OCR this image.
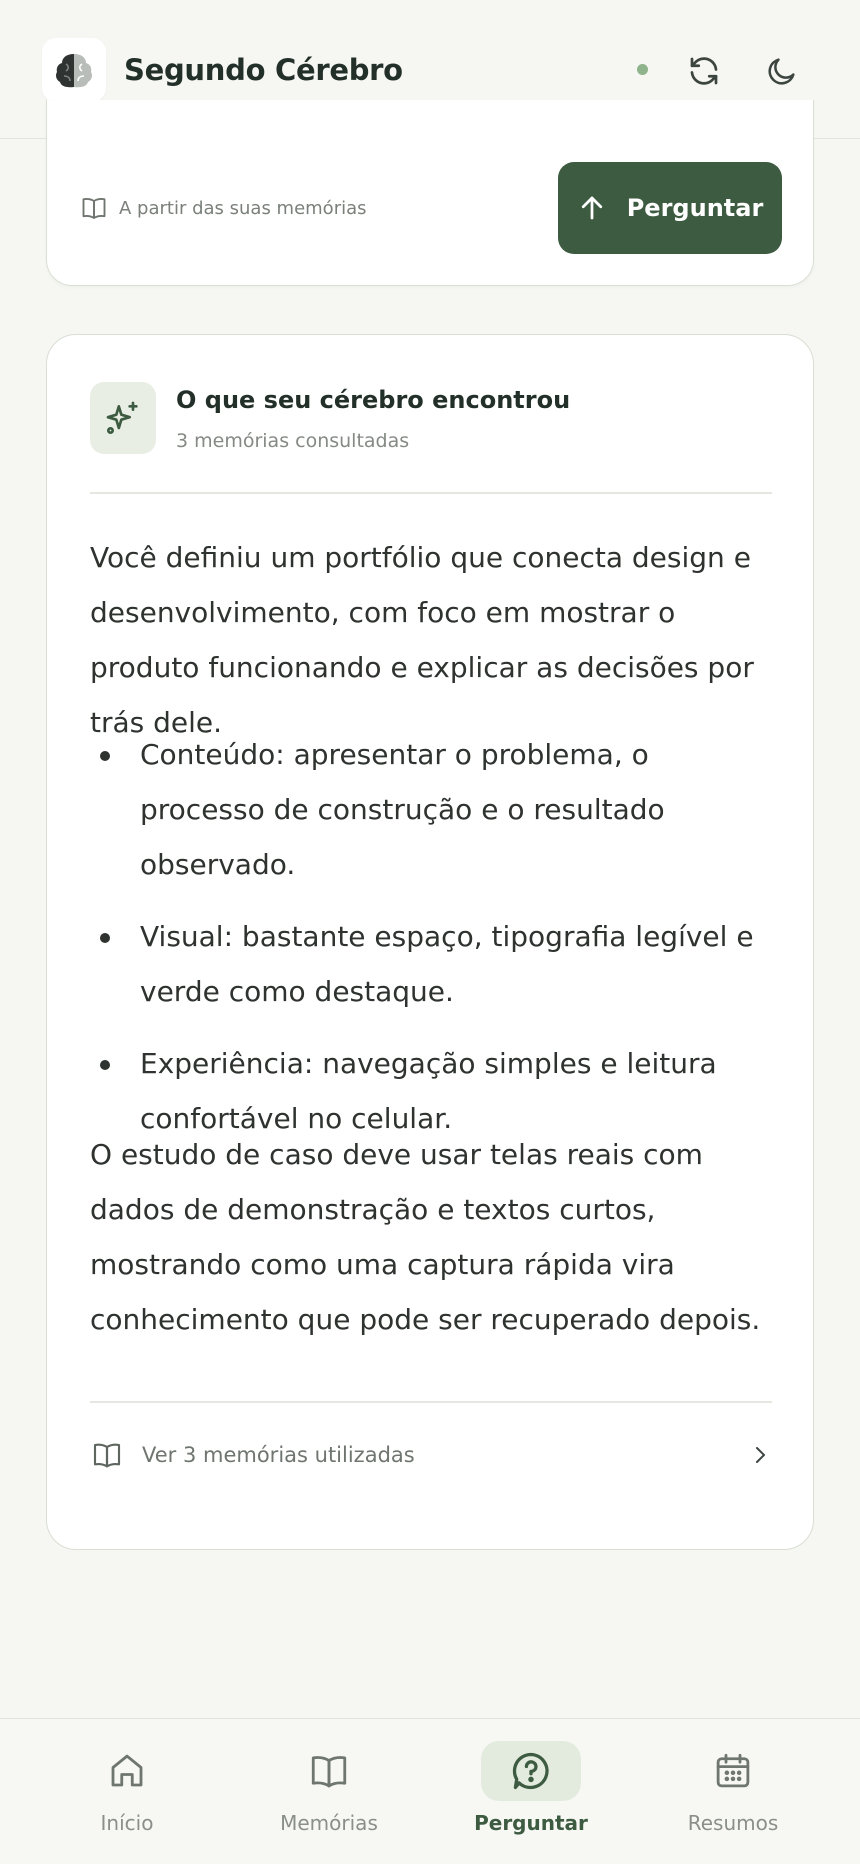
Segundo Cérebro
A partir das suas memórias	Perguntar
O que seu cérebro encontrou
3 memórias consultadas
Você definiu um portfólio que conecta design e desenvolvimento, com foco em mostrar o produto funcionando e explicar as decisões por trás dele.
Conteúdo: apresentar o problema, o processo de construção e o resultado observado.
Visual: bastante espaço, tipografia legível e verde como destaque.
Experiência: navegação simples e leitura confortável no celular.
O estudo de caso deve usar telas reais com dados de demonstração e textos curtos, mostrando como uma captura rápida vira conhecimento que pode ser recuperado depois.
Ver 3 memórias utilizadas
Início	Memórias	Perguntar	Resumos
